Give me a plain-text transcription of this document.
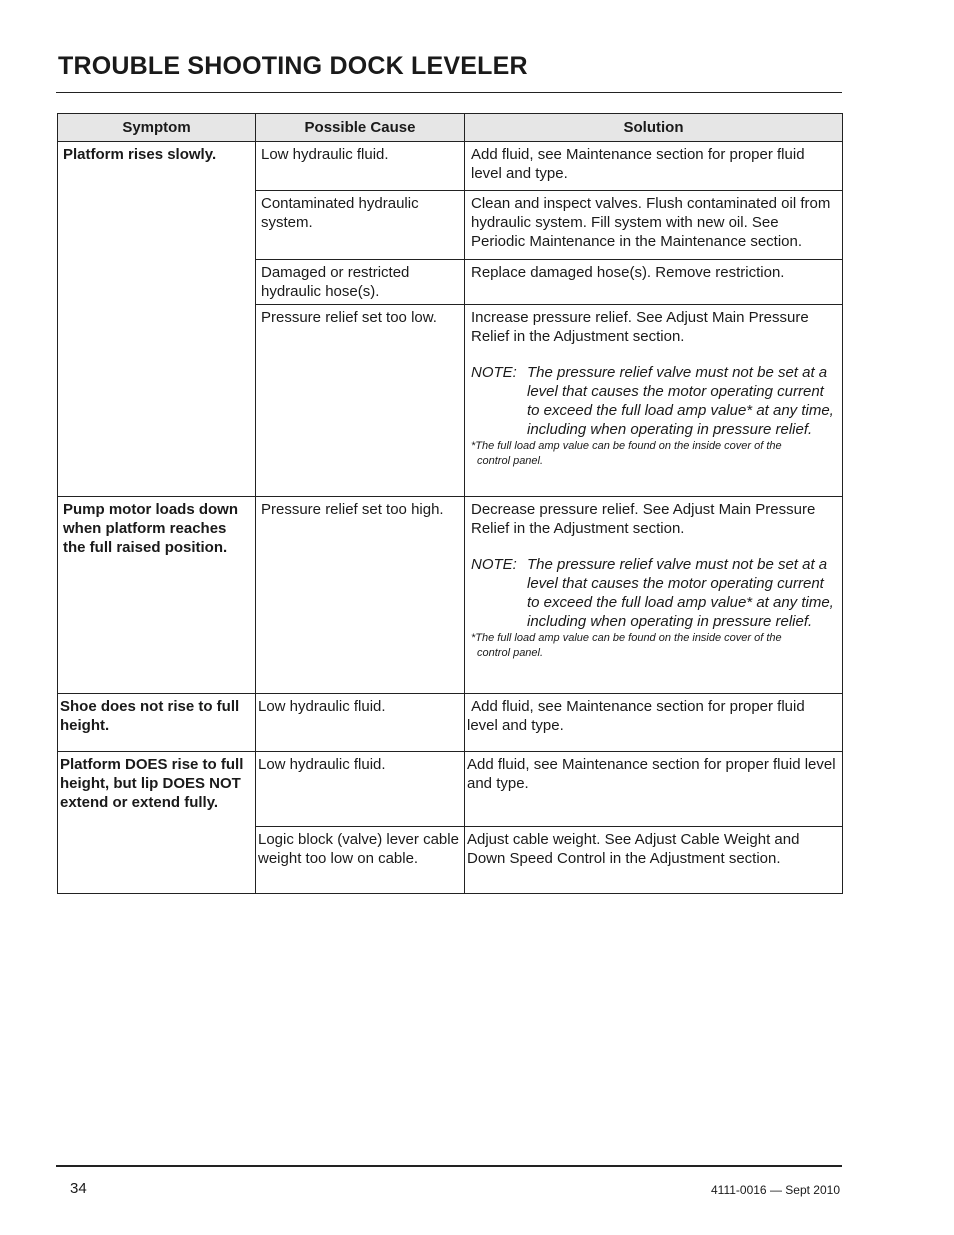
TROUBLE SHOOTING DOCK LEVELER
Symptom	Possible Cause	Solution
Platform rises slowly.	Low hydraulic fluid.	Add fluid, see Maintenance section for proper fluid level and type.
	Contaminated hydraulic system.	Clean and inspect valves. Flush contaminated oil from hydraulic system. Fill system with new oil. See Periodic Maintenance in the Maintenance section.
	Damaged or restricted hydraulic hose(s).	Replace damaged hose(s). Remove restriction.
	Pressure relief set too low.	Increase pressure relief. See Adjust Main Pressure Relief in the Adjustment section.
NOTE: The pressure relief valve must not be set at a level that causes the motor operating current to exceed the full load amp value* at any time, including when operating in pressure relief.
*The full load amp value can be found on the inside cover of the
control panel.

Pump motor loads down when platform reaches the full raised position.	Pressure relief set too high.	Decrease pressure relief. See Adjust Main Pressure Relief in the Adjustment section.
NOTE: The pressure relief valve must not be set at a level that causes the motor operating current to exceed the full load amp value* at any time, including when operating in pressure relief.
*The full load amp value can be found on the inside cover of the
control panel.

Shoe does not rise to full height.	Low hydraulic fluid.	Add fluid, see Maintenance section for proper fluid level and type.
Platform DOES rise to full height, but lip DOES NOT extend or extend fully.	Low hydraulic fluid.	Add fluid, see Maintenance section for proper fluid level and type.
	Logic block (valve) lever cable weight too low on cable.	Adjust cable weight. See Adjust Cable Weight and Down Speed Control in the Adjustment section.
34	4111-0016 — Sept 2010
